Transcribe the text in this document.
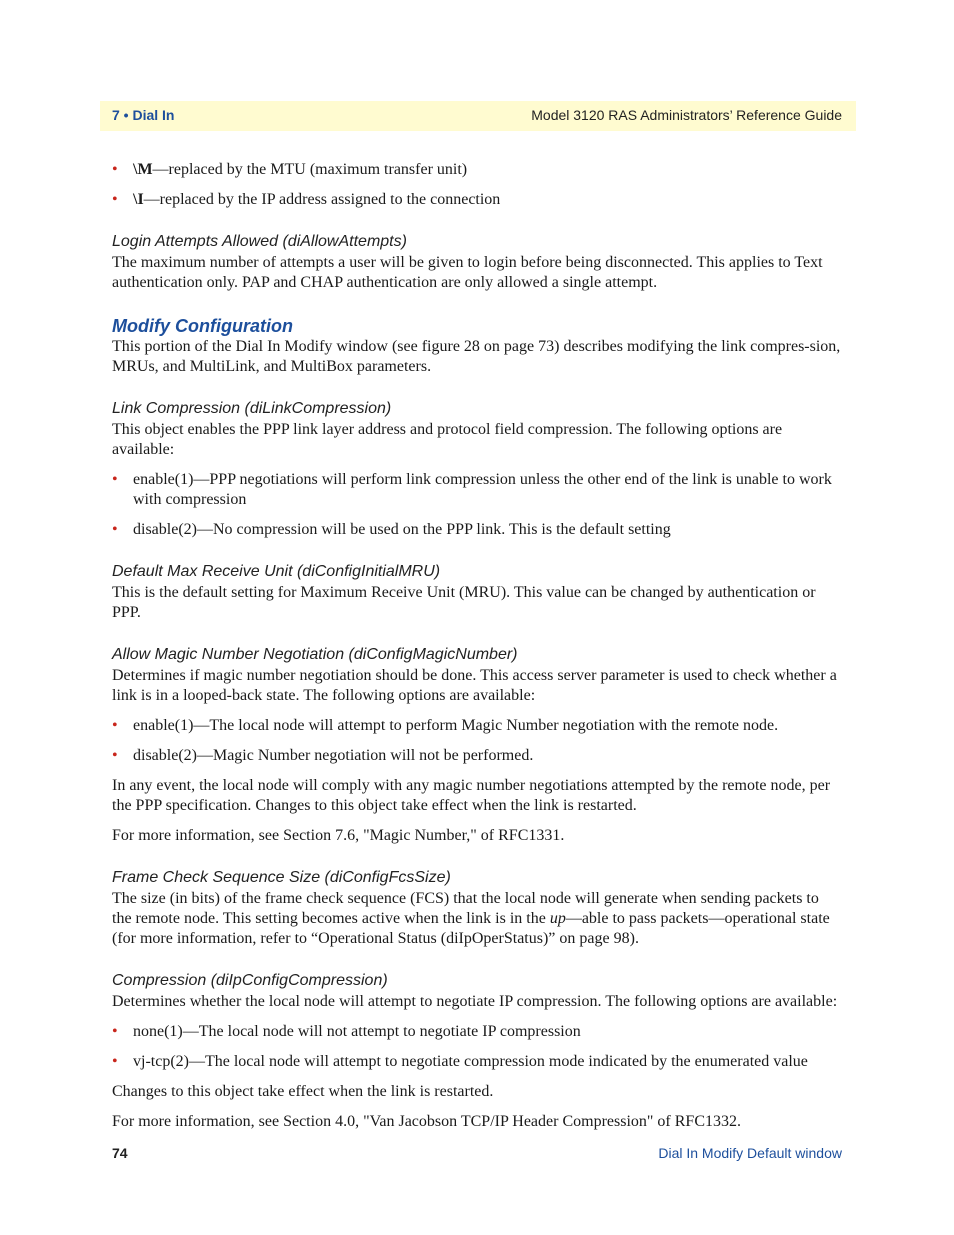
7 • Dial In	Model 3120 RAS Administrators’ Reference Guide
• \M—replaced by the MTU (maximum transfer unit)
• \I—replaced by the IP address assigned to the connection
Login Attempts Allowed (diAllowAttempts)

The maximum number of attempts a user will be given to login before being disconnected. This applies to Text authentication only. PAP and CHAP authentication are only allowed a single attempt.

Modify Configuration

This portion of the Dial In Modify window (see figure 28 on page 73) describes modifying the link compres-sion, MRUs, and MultiLink, and MultiBox parameters.

Link Compression (diLinkCompression)

This object enables the PPP link layer address and protocol field compression. The following options are available:

• enable(1)—PPP negotiations will perform link compression unless the other end of the link is unable to work with compression
• disable(2)—No compression will be used on the PPP link. This is the default setting
Default Max Receive Unit (diConfigInitialMRU)

This is the default setting for Maximum Receive Unit (MRU). This value can be changed by authentication or PPP.

Allow Magic Number Negotiation (diConfigMagicNumber)

Determines if magic number negotiation should be done. This access server parameter is used to check whether a link is in a looped-back state. The following options are available:

• enable(1)—The local node will attempt to perform Magic Number negotiation with the remote node.
• disable(2)—Magic Number negotiation will not be performed.

In any event, the local node will comply with any magic number negotiations attempted by the remote node, per the PPP specification. Changes to this object take effect when the link is restarted.

For more information, see Section 7.6, "Magic Number," of RFC1331.

Frame Check Sequence Size (diConfigFcsSize)

The size (in bits) of the frame check sequence (FCS) that the local node will generate when sending packets to the remote node. This setting becomes active when the link is in the up—able to pass packets—operational state (for more information, refer to “Operational Status (diIpOperStatus)” on page 98).

Compression (diIpConfigCompression)

Determines whether the local node will attempt to negotiate IP compression. The following options are available:

• none(1)—The local node will not attempt to negotiate IP compression
• vj-tcp(2)—The local node will attempt to negotiate compression mode indicated by the enumerated value

Changes to this object take effect when the link is restarted.

For more information, see Section 4.0, "Van Jacobson TCP/IP Header Compression" of RFC1332.

74	Dial In Modify Default window
